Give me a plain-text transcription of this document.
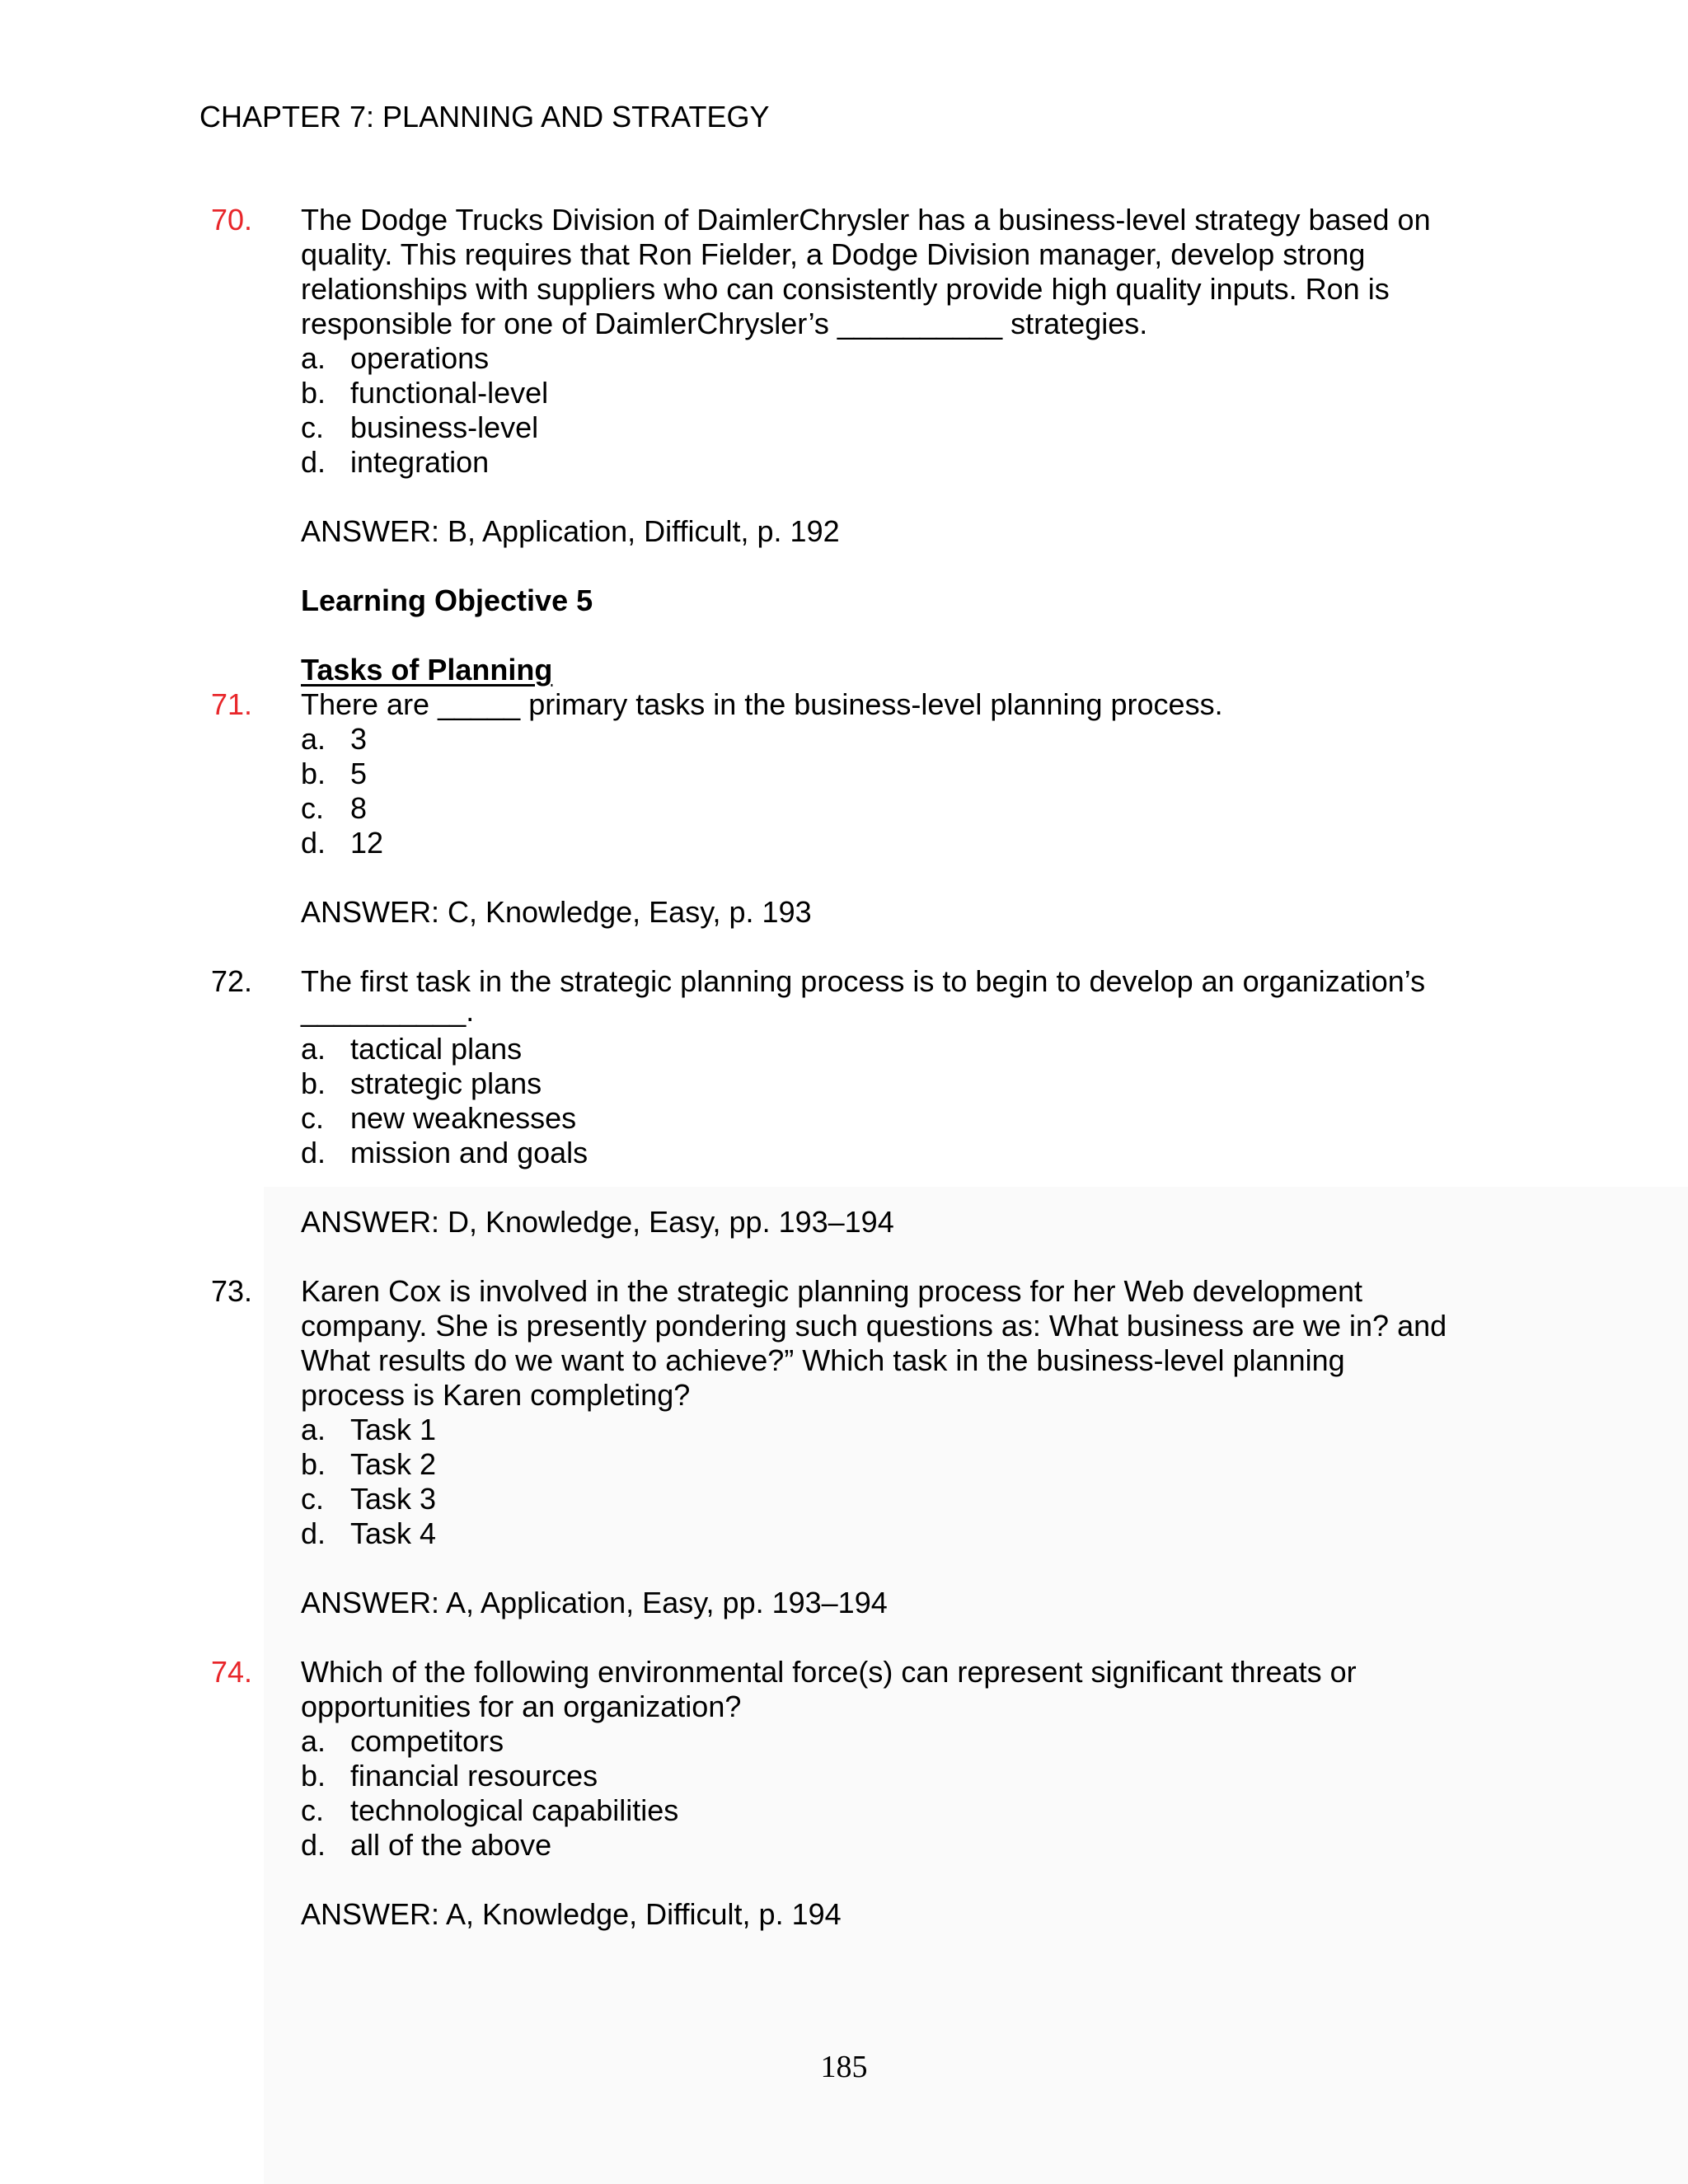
CHAPTER 7: PLANNING AND STRATEGY
70. The Dodge Trucks Division of DaimlerChrysler has a business-level strategy based on
quality. This requires that Ron Fielder, a Dodge Division manager, develop strong
relationships with suppliers who can consistently provide high quality inputs. Ron is
responsible for one of DaimlerChrysler’s __________ strategies.
a. operations
b. functional-level
c. business-level
d. integration
ANSWER: B, Application, Difficult, p. 192
Learning Objective 5
Tasks of Planning
71. There are _____ primary tasks in the business-level planning process.
a. 3
b. 5
c. 8
d. 12
ANSWER: C, Knowledge, Easy, p. 193
72. The first task in the strategic planning process is to begin to develop an organization’s
__________.
a. tactical plans
b. strategic plans
c. new weaknesses
d. mission and goals
ANSWER: D, Knowledge, Easy, pp. 193–194
73. Karen Cox is involved in the strategic planning process for her Web development
company. She is presently pondering such questions as: What business are we in? and
What results do we want to achieve?” Which task in the business-level planning
process is Karen completing?
a. Task 1
b. Task 2
c. Task 3
d. Task 4
ANSWER: A, Application, Easy, pp. 193–194
74. Which of the following environmental force(s) can represent significant threats or
opportunities for an organization?
a. competitors
b. financial resources
c. technological capabilities
d. all of the above
ANSWER: A, Knowledge, Difficult, p. 194
185
